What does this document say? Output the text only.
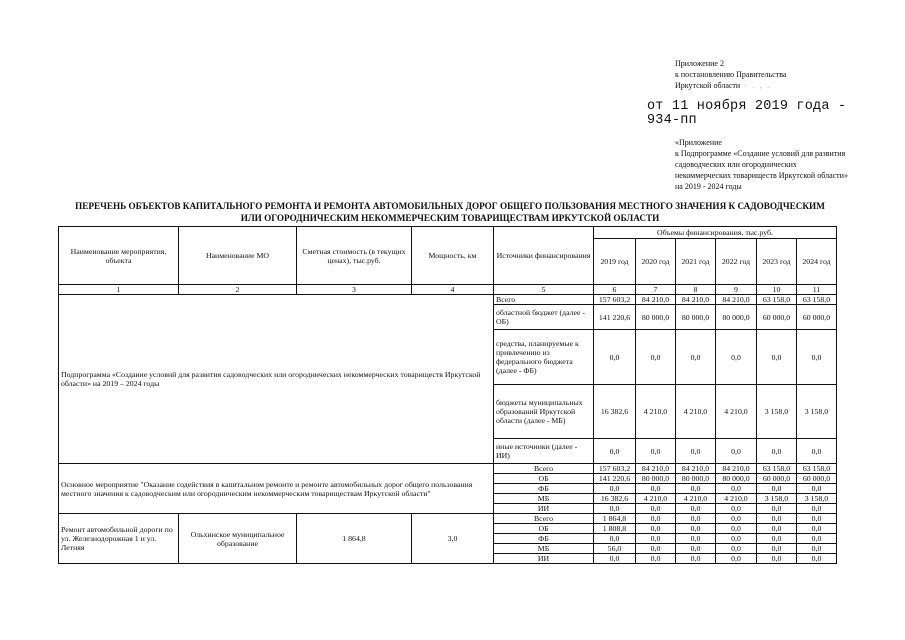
Приложение 2
к постановлению Правительства
Иркутской области · . , .
от 11 ноября 2019 года -
934-пп
«Приложение
к Подпрограмме «Создание условий для развития садоводческих или огороднических некоммерческих товариществ Иркутской области» на 2019 - 2024 годы
ПЕРЕЧЕНЬ ОБЪЕКТОВ КАПИТАЛЬНОГО РЕМОНТА И РЕМОНТА АВТОМОБИЛЬНЫХ ДОРОГ ОБЩЕГО ПОЛЬЗОВАНИЯ МЕСТНОГО ЗНАЧЕНИЯ К САДОВОДЧЕСКИМ
ИЛИ ОГОРОДНИЧЕСКИМ НЕКОММЕРЧЕСКИМ ТОВАРИЩЕСТВАМ ИРКУТСКОЙ ОБЛАСТИ
Наименование мероприятия, объекта	Наименование МО	Сметная стоимость (в текущих ценах), тыс.руб.	Мощность, км	Источники финансирования	Объемы финансирования, тыс.руб.					
					2019 год	2020 год	2021 год	2022 год	2023 год	2024 год
1	2	3	4	5	6	7	8	9	10	11
Подпрограмма «Создание условий для развития садоводческих или огороднических некоммерческих товариществ Иркутской области» на 2019 – 2024 годы				Всего	157 603,2	84 210,0	84 210,0	84 210,0	63 158,0	63 158,0
				областной бюджет (далее - ОБ)	141 220,6	80 000,0	80 000,0	80 000,0	60 000,0	60 000,0
				средства, планируемые к привлечению из федерального бюджета (далее - ФБ)	0,0	0,0	0,0	0,0	0,0	0,0
				бюджеты муниципальных образований Иркутской области (далее - МБ)	16 382,6	4 210,0	4 210,0	4 210,0	3 158,0	3 158,0
				иные источники (далее - ИИ)	0,0	0,0	0,0	0,0	0,0	0,0
Основное мероприятие "Оказание содействия в капитальном ремонте и ремонте автомобильных дорог общего пользования местного значения к садоводческим или огородническим некоммерческим товариществам Иркутской области"				Всего	157 603,2	84 210,0	84 210,0	84 210,0	63 158,0	63 158,0
				ОБ	141 220,6	80 000,0	80 000,0	80 000,0	60 000,0	60 000,0
				ФБ	0,0	0,0	0,0	0,0	0,0	0,0
				МБ	16 382,6	4 210,0	4 210,0	4 210,0	3 158,0	3 158,0
				ИИ	0,0	0,0	0,0	0,0	0,0	0,0
Ремонт автомобильной дороги по ул. Железнодорожная 1 и ул. Летняя	Ольхинское муниципальное образование	1 864,8	3,0	Всего	1 864,8	0,0	0,0	0,0	0,0	0,0
				ОБ	1 808,8	0,0	0,0	0,0	0,0	0,0
				ФБ	0,0	0,0	0,0	0,0	0,0	0,0
				МБ	56,0	0,0	0,0	0,0	0,0	0,0
				ИИ	0,0	0,0	0,0	0,0	0,0	0,0
